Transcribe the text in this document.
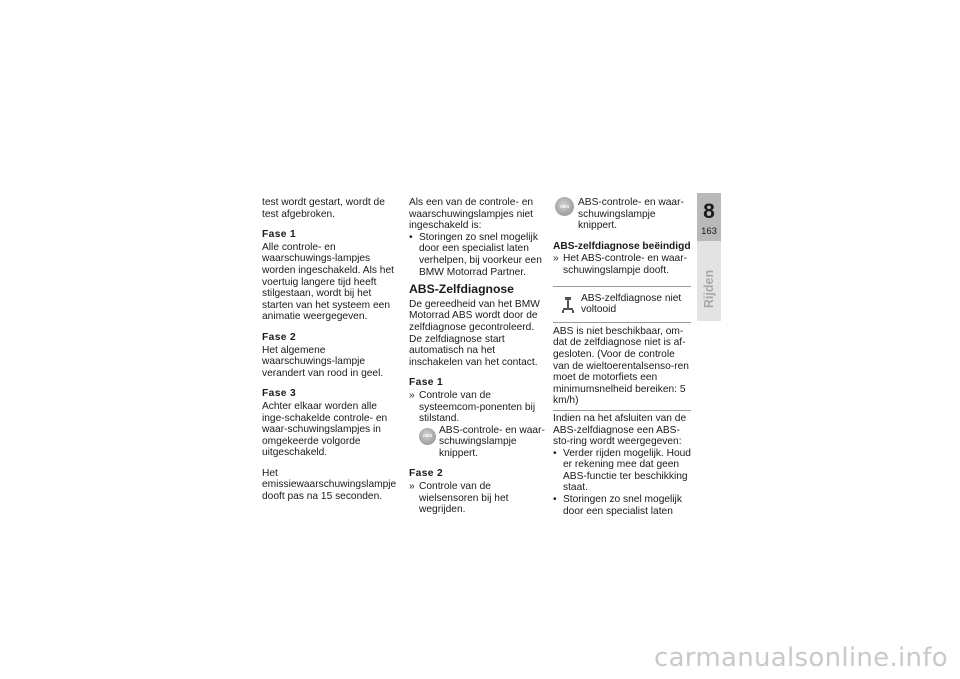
test wordt gestart, wordt de test afgebroken.

Fase 1

Alle controle- en waarschuwings-lampjes worden ingeschakeld. Als het voertuig langere tijd heeft stilgestaan, wordt bij het starten van het systeem een animatie weergegeven.

Fase 2

Het algemene waarschuwings-lampje verandert van rood in geel.

Fase 3

Achter elkaar worden alle inge-schakelde controle- en waar-schuwingslampjes in omgekeerde volgorde uitgeschakeld.

Het emissiewaarschuwingslampje dooft pas na 15 seconden.

Als een van de controle- en waarschuwingslampjes niet ingeschakeld is:

• Storingen zo snel mogelijk door een specialist laten verhelpen, bij voorkeur een BMW Motorrad Partner.
ABS-Zelfdiagnose

De gereedheid van het BMW Motorrad ABS wordt door de zelfdiagnose gecontroleerd. De zelfdiagnose start automatisch na het inschakelen van het contact.

Fase 1
» Controle van de systeemcom-ponenten bij stilstand.
ABS
ABS-controle- en waar-schuwingslampje knippert.
Fase 2
» Controle van de wielsensoren bij het wegrijden.
ABS ABS-controle- en waar-schuwingslampje knippert.
ABS-zelfdiagnose beëindigd
» Het ABS-controle- en waar-schuwingslampje dooft.
ABS-zelfdiagnose niet voltooid
ABS is niet beschikbaar, om-dat de zelfdiagnose niet is af-gesloten. (Voor de controle van de wieltoerentalsenso-ren moet de motorfiets een minimumsnelheid bereiken: 5 km/h)

Indien na het afsluiten van de ABS-zelfdiagnose een ABS-sto-ring wordt weergegeven:

• Verder rijden mogelijk. Houd er rekening mee dat geen ABS-functie ter beschikking staat.
• Storingen zo snel mogelijk door een specialist laten
8
163
Rijden
carmanualsonline.info
